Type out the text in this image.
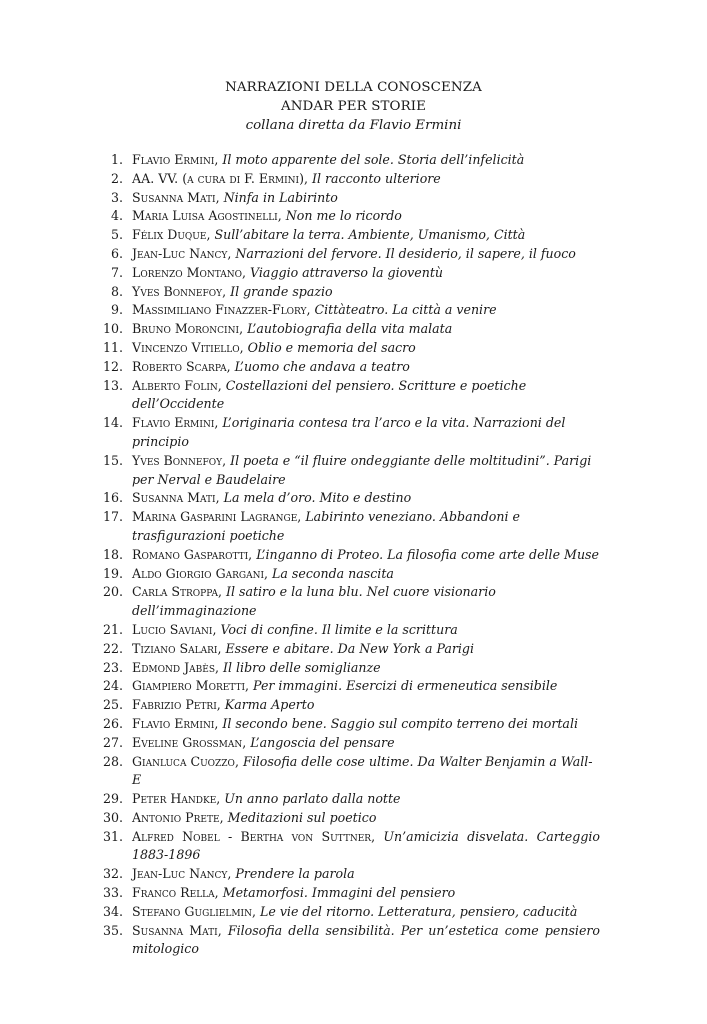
NARRAZIONI DELLA CONOSCENZA
ANDAR PER STORIE
collana diretta da Flavio Ermini
1. Flavio Ermini, Il moto apparente del sole. Storia dell’infelicità
2. AA. VV. (a cura di F. Ermini), Il racconto ulteriore
3. Susanna Mati, Ninfa in Labirinto
4. Maria Luisa Agostinelli, Non me lo ricordo
5. Félix Duque, Sull’abitare la terra. Ambiente, Umanismo, Città
6. Jean-Luc Nancy, Narrazioni del fervore. Il desiderio, il sapere, il fuoco
7. Lorenzo Montano, Viaggio attraverso la gioventù
8. Yves Bonnefoy, Il grande spazio
9. Massimiliano Finazzer-Flory, Cittàteatro. La città a venire
10. Bruno Moroncini, L’autobiografia della vita malata
11. Vincenzo Vitiello, Oblio e memoria del sacro
12. Roberto Scarpa, L’uomo che andava a teatro
13. Alberto Folin, Costellazioni del pensiero. Scritture e poetiche dell’Occidente
14. Flavio Ermini, L’originaria contesa tra l’arco e la vita. Narrazioni del principio
15. Yves Bonnefoy, Il poeta e “il fluire ondeggiante delle moltitudini”. Parigi per Nerval e Baudelaire
16. Susanna Mati, La mela d’oro. Mito e destino
17. Marina Gasparini Lagrange, Labirinto veneziano. Abbandoni e trasfigurazioni poetiche
18. Romano Gasparotti, L’inganno di Proteo. La filosofia come arte delle Muse
19. Aldo Giorgio Gargani, La seconda nascita
20. Carla Stroppa, Il satiro e la luna blu. Nel cuore visionario dell’immaginazione
21. Lucio Saviani, Voci di confine. Il limite e la scrittura
22. Tiziano Salari, Essere e abitare. Da New York a Parigi
23. Edmond Jabès, Il libro delle somiglianze
24. Giampiero Moretti, Per immagini. Esercizi di ermeneutica sensibile
25. Fabrizio Petri, Karma Aperto
26. Flavio Ermini, Il secondo bene. Saggio sul compito terreno dei mortali
27. Eveline Grossman, L’angoscia del pensare
28. Gianluca Cuozzo, Filosofia delle cose ultime. Da Walter Benjamin a Wall-E
29. Peter Handke, Un anno parlato dalla notte
30. Antonio Prete, Meditazioni sul poetico
31. Alfred Nobel - Bertha von Suttner, Un’amicizia disvelata. Carteggio 1883-1896
32. Jean-Luc Nancy, Prendere la parola
33. Franco Rella, Metamorfosi. Immagini del pensiero
34. Stefano Guglielmin, Le vie del ritorno. Letteratura, pensiero, caducità
35. Susanna Mati, Filosofia della sensibilità. Per un’estetica come pensiero mitologico
